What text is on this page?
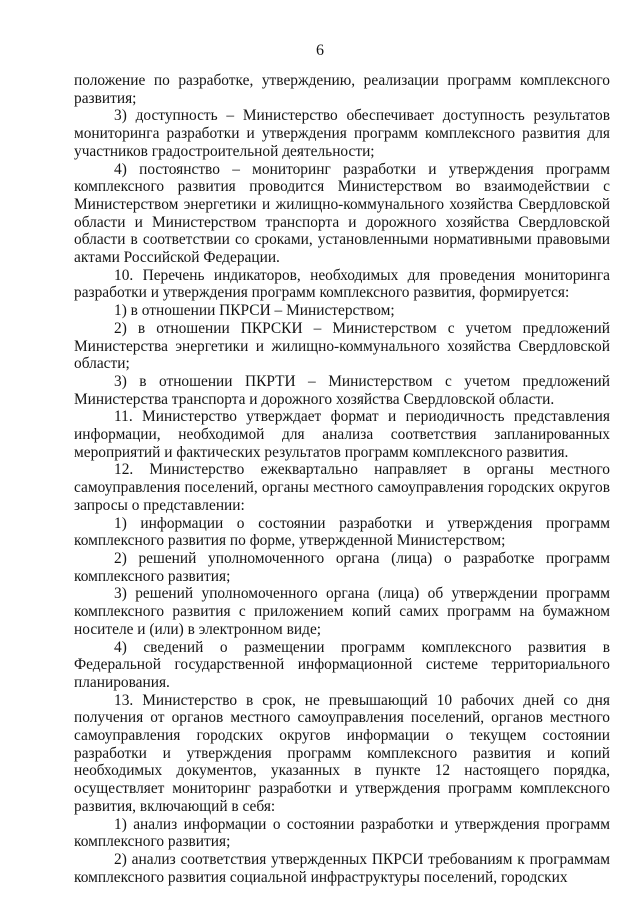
6

положение по разработке, утверждению, реализации программ комплексного развития;

3) доступность – Министерство обеспечивает доступность результатов мониторинга разработки и утверждения программ комплексного развития для участников градостроительной деятельности;

4) постоянство – мониторинг разработки и утверждения программ комплексного развития проводится Министерством во взаимодействии с Министерством энергетики и жилищно-коммунального хозяйства Свердловской области и Министерством транспорта и дорожного хозяйства Свердловской области в соответствии со сроками, установленными нормативными правовыми актами Российской Федерации.

10. Перечень индикаторов, необходимых для проведения мониторинга разработки и утверждения программ комплексного развития, формируется:

1) в отношении ПКРСИ – Министерством;

2) в отношении ПКРСКИ – Министерством с учетом предложений Министерства энергетики и жилищно-коммунального хозяйства Свердловской области;

3) в отношении ПКРТИ – Министерством с учетом предложений Министерства транспорта и дорожного хозяйства Свердловской области.

11. Министерство утверждает формат и периодичность представления информации, необходимой для анализа соответствия запланированных мероприятий и фактических результатов программ комплексного развития.

12. Министерство ежеквартально направляет в органы местного самоуправления поселений, органы местного самоуправления городских округов запросы о представлении:

1) информации о состоянии разработки и утверждения программ комплексного развития по форме, утвержденной Министерством;

2) решений уполномоченного органа (лица) о разработке программ комплексного развития;

3) решений уполномоченного органа (лица) об утверждении программ комплексного развития с приложением копий самих программ на бумажном носителе и (или) в электронном виде;

4) сведений о размещении программ комплексного развития в Федеральной государственной информационной системе территориального планирования.

13. Министерство в срок, не превышающий 10 рабочих дней со дня получения от органов местного самоуправления поселений, органов местного самоуправления городских округов информации о текущем состоянии разработки и утверждения программ комплексного развития и копий необходимых документов, указанных в пункте 12 настоящего порядка, осуществляет мониторинг разработки и утверждения программ комплексного развития, включающий в себя:

1) анализ информации о состоянии разработки и утверждения программ комплексного развития;

2) анализ соответствия утвержденных ПКРСИ требованиям к программам комплексного развития социальной инфраструктуры поселений, городских
